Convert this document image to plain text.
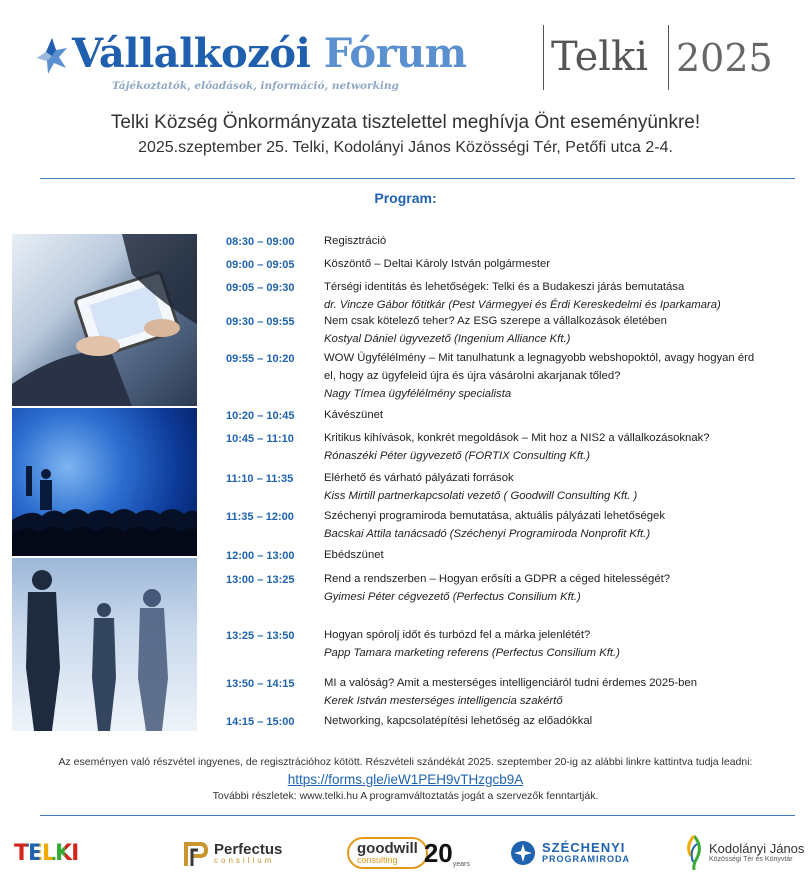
Vállalkozói Fórum
Tájékoztatók, előadások, információ, networking
Telki 2025
Telki Község Önkormányzata tisztelettel meghívja Önt eseményünkre!
2025.szeptember 25. Telki, Kodolányi János Közösségi Tér, Petőfi utca 2-4.
Program:
08:30 – 09:00	Regisztráció
09:00 – 09:05	Köszöntő – Deltai Károly István polgármester
09:05 – 09:30	Térségi identitás és lehetőségek: Telki és a Budakeszi járás bemutatása
dr. Vincze Gábor főtitkár (Pest Vármegyei és Érdi Kereskedelmi és Iparkamara)
09:30 – 09:55	Nem csak kötelező teher? Az ESG szerepe a vállalkozások életében
Kostyal Dániel ügyvezető (Ingenium Alliance Kft.)
09:55 – 10:20	WOW Ügyfélélmény – Mit tanulhatunk a legnagyobb webshopoktól, avagy hogyan érd el, hogy az ügyfeleid újra és újra vásárolni akarjanak tőled?
Nagy Tímea ügyfélélmény specialista
10:20 – 10:45	Kávészünet
10:45 – 11:10	Kritikus kihívások, konkrét megoldások – Mit hoz a NIS2 a vállalkozásoknak?
Rónaszéki Péter ügyvezető (FORTIX Consulting Kft.)
11:10 – 11:35	Elérhető és várható pályázati források
Kiss Mirtill partnerkapcsolati vezető ( Goodwill Consulting Kft. )
11:35 – 12:00	Széchenyi programiroda bemutatása, aktuális pályázati lehetőségek
Bacskai Attila tanácsadó (Széchenyi Programiroda Nonprofit Kft.)
12:00 – 13:00	Ebédszünet
13:00 – 13:25	Rend a rendszerben – Hogyan erősíti a GDPR a céged hitelességét?
Gyimesi Péter cégvezető (Perfectus Consilium Kft.)
13:25 – 13:50	Hogyan spórolj időt és turbózd fel a márka jelenlétét?
Papp Tamara marketing referens (Perfectus Consilium Kft.)
13:50 – 14:15	MI a valóság? Amit a mesterséges intelligenciáról tudni érdemes 2025-ben
Kerek István mesterséges intelligencia szakértő
14:15 – 15:00	Networking, kapcsolatépítési lehetőség az előadókkal
Az eseményen való részvétel ingyenes, de regisztrációhoz kötött. Részvételi szándékát 2025. szeptember 20-ig az alábbi linkre kattintva tudja leadni:
https://forms.gle/ieW1PEH9vTHzgcb9A
További részletek: www.telki.hu A programváltoztatás jogát a szervezők fenntartják.
TELKI	Perfectus
consilium
goodwill
consulting	20 years
SZÉCHENYI
PROGRAMIRODA
Kodolányi János
Közösségi Tér és Könyvtár
